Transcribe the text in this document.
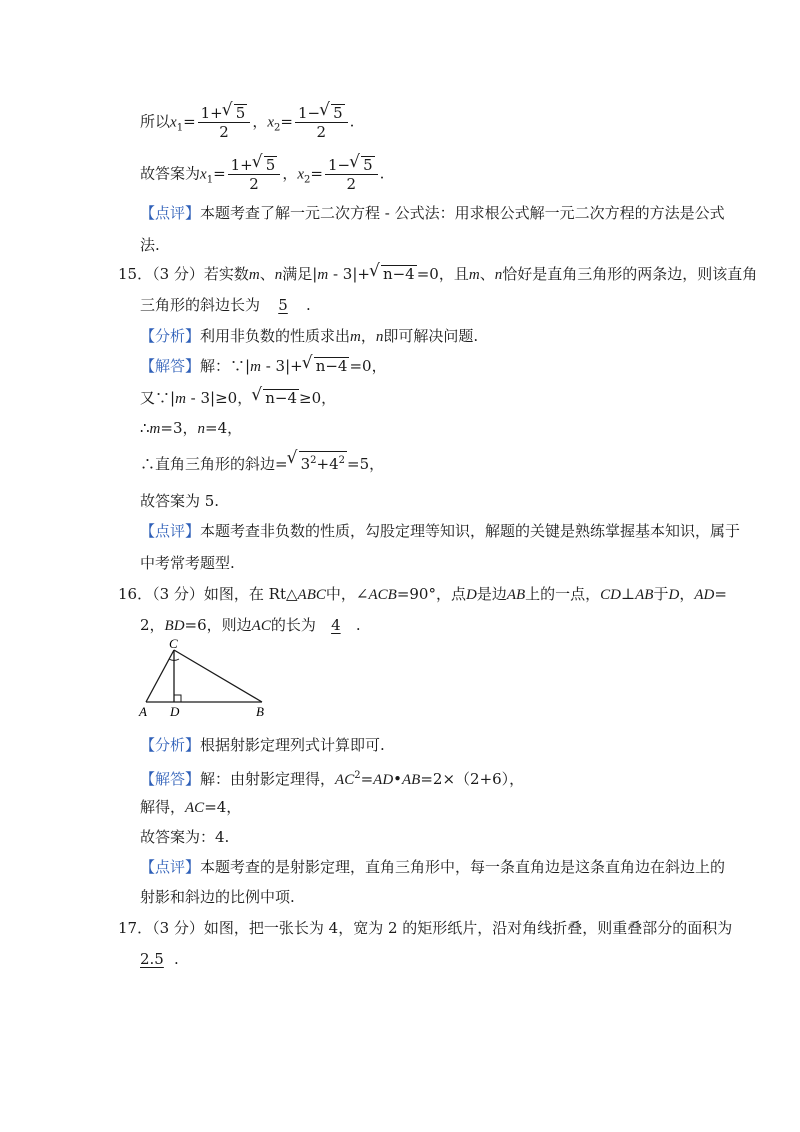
所以$x_1= \frac{1+ √ 5}{2}$ ，$x_2= \frac{1- √ 5}{2}$ .
故答案为$x_1= \frac{1+ √ 5}{2}$ ，$x_2= \frac{1- √ 5}{2}$ .
【点评】本题考查了解一元二次方程 - 公式法：用求根公式解一元二次方程的方法是公式
法.
15．（3 分）若实数m、n满足|m - 3|+ √ n−4 =0，且m、n恰好是直角三角形的两条边，则该直角
三角形的斜边长为 5 .
【分析】利用非负数的性质求出m，n即可解决问题.
【解答】解：∵|m - 3|+ √ n−4 =0，
又∵|m - 3|≥0， √ n−4 ≥0，
∴m=3，n=4，
∴直角三角形的斜边= √ $3^2+4^2 =5$，
故答案为 5.
【点评】本题考查非负数的性质，勾股定理等知识，解题的关键是熟练掌握基本知识，属于
中考常考题型.
16．（3 分）如图，在 Rt△ABC中，∠ACB=90°，点D是边AB上的一点，CD⊥AB于D，AD=
2，BD=6，则边AC的长为 4 .
C
A D	B
【分析】根据射影定理列式计算即可.
【解答】解：由射影定理得，$AC^2=AD•AB=2\times(2+6)$，
解得，AC=4，
故答案为：4.
【点评】本题考查的是射影定理，直角三角形中，每一条直角边是这条直角边在斜边上的
射影和斜边的比例中项.
17．（3 分）如图，把一张长为 4，宽为 2 的矩形纸片，沿对角线折叠，则重叠部分的面积为
2.5 .
